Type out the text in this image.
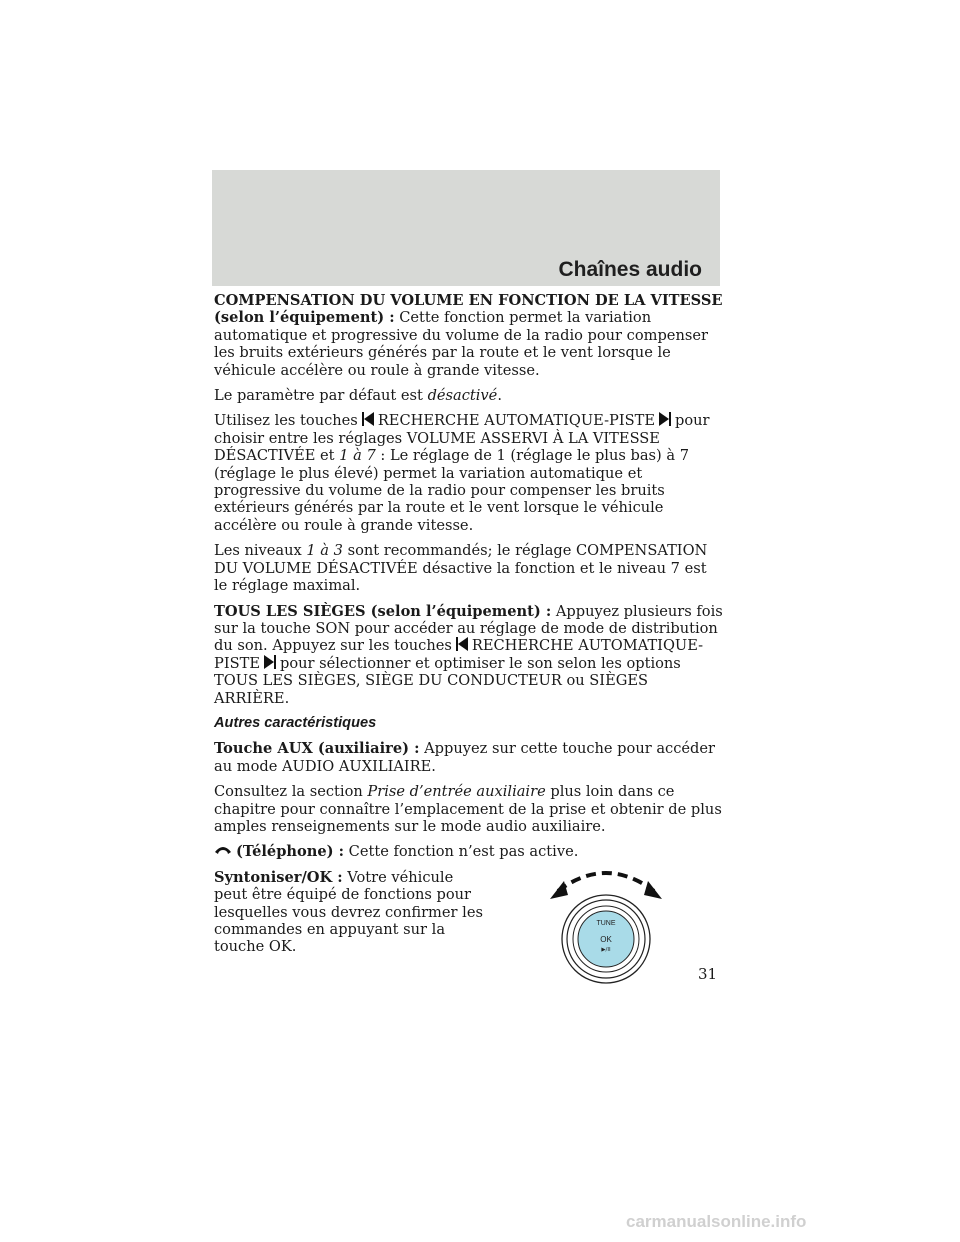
Chaînes audio

COMPENSATION DU VOLUME EN FONCTION DE LA VITESSE (selon l’équipement) : Cette fonction permet la variation automatique et progressive du volume de la radio pour compenser les bruits extérieurs générés par la route et le vent lorsque le véhicule accélère ou roule à grande vitesse.

Le paramètre par défaut est désactivé.

Utilisez les touches RECHERCHE AUTOMATIQUE-PISTE pour choisir entre les réglages VOLUME ASSERVI À LA VITESSE DÉSACTIVÉE et 1 à 7 : Le réglage de 1 (réglage le plus bas) à 7 (réglage le plus élevé) permet la variation automatique et progressive du volume de la radio pour compenser les bruits extérieurs générés par la route et le vent lorsque le véhicule accélère ou roule à grande vitesse.

Les niveaux 1 à 3 sont recommandés; le réglage COMPENSATION DU VOLUME DÉSACTIVÉE désactive la fonction et le niveau 7 est le réglage maximal.

TOUS LES SIÈGES (selon l’équipement) : Appuyez plusieurs fois sur la touche SON pour accéder au réglage de mode de distribution du son. Appuyez sur les touches RECHERCHE AUTOMATIQUE-PISTE pour sélectionner et optimiser le son selon les options TOUS LES SIÈGES, SIÈGE DU CONDUCTEUR ou SIÈGES ARRIÈRE.

Autres caractéristiques

Touche AUX (auxiliaire) : Appuyez sur cette touche pour accéder au mode AUDIO AUXILIAIRE.

Consultez la section Prise d’entrée auxiliaire plus loin dans ce chapitre pour connaître l’emplacement de la prise et obtenir de plus amples renseignements sur le mode audio auxiliaire.

(Téléphone) : Cette fonction n’est pas active.

Syntoniser/OK : Votre véhicule peut être équipé de fonctions pour lesquelles vous devrez confirmer les commandes en appuyant sur la touche OK.

TUNE
OK
▶/II
31
carmanualsonline.info
